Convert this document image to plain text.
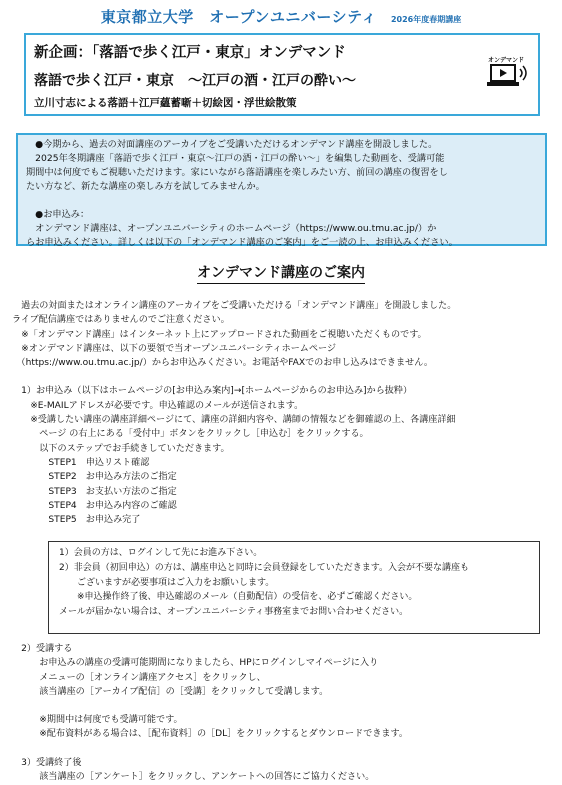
東京都立大学　オープンユニバーシティ 2026年度春期講座
新企画：「落語で歩く江戸・東京」オンデマンド
落語で歩く江戸・東京　～江戸の酒・江戸の酔い～
立川寸志による落語＋江戸蘊蓄噺＋切絵図・浮世絵散策
オンデマンド

　●今期から、過去の対面講座のアーカイブをご受講いただけるオンデマンド講座を開設しました。

　2025年冬期講座「落語で歩く江戸・東京～江戸の酒・江戸の酔い～」を編集した動画を、受講可能

期間中は何度でもご視聴いただけます。家にいながら落語講座を楽しみたい方、前回の講座の復習をし

たい方など、新たな講座の楽しみ方を試してみませんか。

　●お申込み：

　オンデマンド講座は、オープンユニバーシティのホームページ（https://www.ou.tmu.ac.jp/）か

らお申込みください。詳しくは以下の「オンデマンド講座のご案内」をご一読の上、お申込みください。

オンデマンド講座のご案内
　過去の対面またはオンライン講座のアーカイブをご受講いただける「オンデマンド講座」を開設しました。
ライブ配信講座ではありませんのでご注意ください。
　※「オンデマンド講座」はインターネット上にアップロードされた動画をご視聴いただくものです。
　※オンデマンド講座は、以下の要領で当オープンユニバーシティホームページ
　（https://www.ou.tmu.ac.jp/）からお申込みください。お電話やFAXでのお申し込みはできません。
　1）お申込み（以下はホームページの[お申込み案内]→[ホームページからのお申込み]から抜粋）
　　※E-MAILアドレスが必要です。申込確認のメールが送信されます。
　　※受講したい講座の講座詳細ページにて、講座の詳細内容や、講師の情報などを御確認の上、各講座詳細
　　　ページ の右上にある「受付中」ボタンをクリックし［申込む］をクリックする。
　　　以下のステップでお手続きしていただきます。
　　　　STEP1　申込リスト確認
　　　　STEP2　お申込み方法のご指定
　　　　STEP3　お支払い方法のご指定
　　　　STEP4　お申込み内容のご確認
　　　　STEP5　お申込み完了
1）会員の方は、ログインして先にお進み下さい。
2）非会員（初回申込）の方は、講座申込と同時に会員登録をしていただきます。入会が不要な講座も
　　ございますが必要事項はご入力をお願いします。
　　※申込操作終了後、申込確認のメール（自動配信）の受信を、必ずご確認ください。
メールが届かない場合は、オープンユニバーシティ事務室までお問い合わせください。
　2）受講する
　　　お申込みの講座の受講可能期間になりましたら、HPにログインしマイページに入り
　　　メニューの［オンライン講座アクセス］をクリックし、
　　　該当講座の［アーカイブ配信］の［受講］をクリックして受講します。
　　　※期間中は何度でも受講可能です。
　　　※配布資料がある場合は、［配布資料］の［DL］をクリックするとダウンロードできます。
　3）受講終了後
　　　該当講座の［アンケート］をクリックし、アンケートへの回答にご協力ください。
